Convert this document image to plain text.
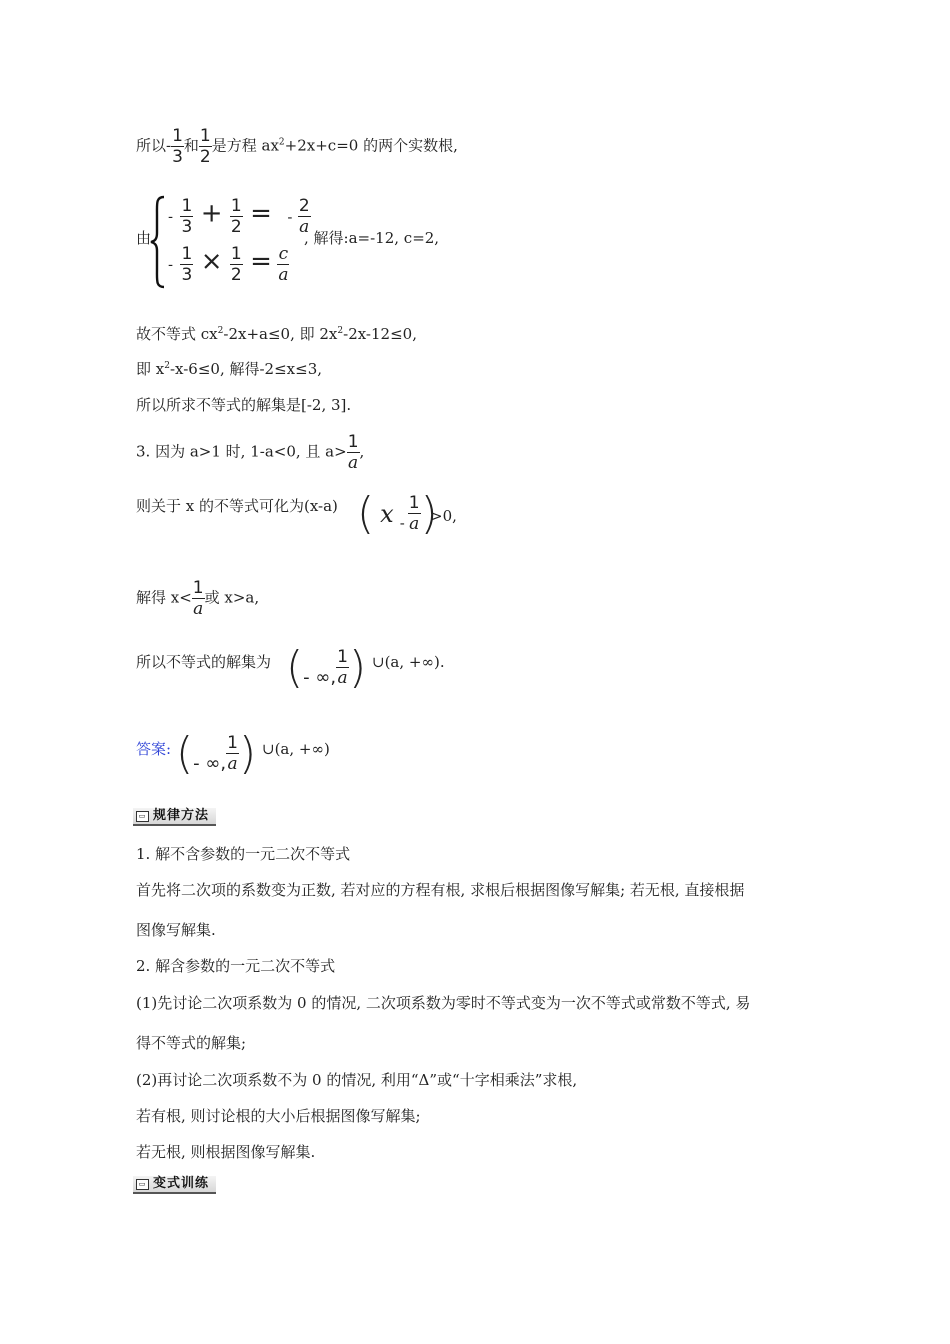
所以- $\frac{1}{3}$ 和 $\frac{1}{2}$ 是方程 $ax^2+2x+c=0$ 的两个实数根,
由
- $\frac{1}{3} + \frac{1}{2}$ = - $\frac{2}{a}$
, 解得:a=-12, c=2,
- $\frac{1}{3} \times \frac{1}{2} = \frac{c}{a}$
故不等式 $cx^2-2x+a\le 0$, 即 $2x^2-2x-12\le 0$,
即 $x^2-x-6\le 0$, 解得-2≤x≤3,
所以所求不等式的解集是[-2, 3].
3. 因为 a>1 时, 1-a<0, 且 $a> \frac{1}{a}$ ,
则关于 x 的不等式可化为(x-a) ( x - $\frac{1}{a}$ )
>0,
解得 $x< \frac{1}{a}$ 或 x>a,
所以不等式的解集为 (- ∞, $\frac{1}{a}$ ) ∪(a, +∞).
答案: (- ∞, $\frac{1}{a}$ ) ∪(a, +∞)
▭ 规律方法
1. 解不含参数的一元二次不等式
首先将二次项的系数变为正数, 若对应的方程有根, 求根后根据图像写解集; 若无根, 直接根据
图像写解集.
2. 解含参数的一元二次不等式
(1)先讨论二次项系数为 0 的情况, 二次项系数为零时不等式变为一次不等式或常数不等式, 易
得不等式的解集;
(2)再讨论二次项系数不为 0 的情况, 利用“Δ”或“十字相乘法”求根,
若有根, 则讨论根的大小后根据图像写解集;
若无根, 则根据图像写解集.
▭ 变式训练
